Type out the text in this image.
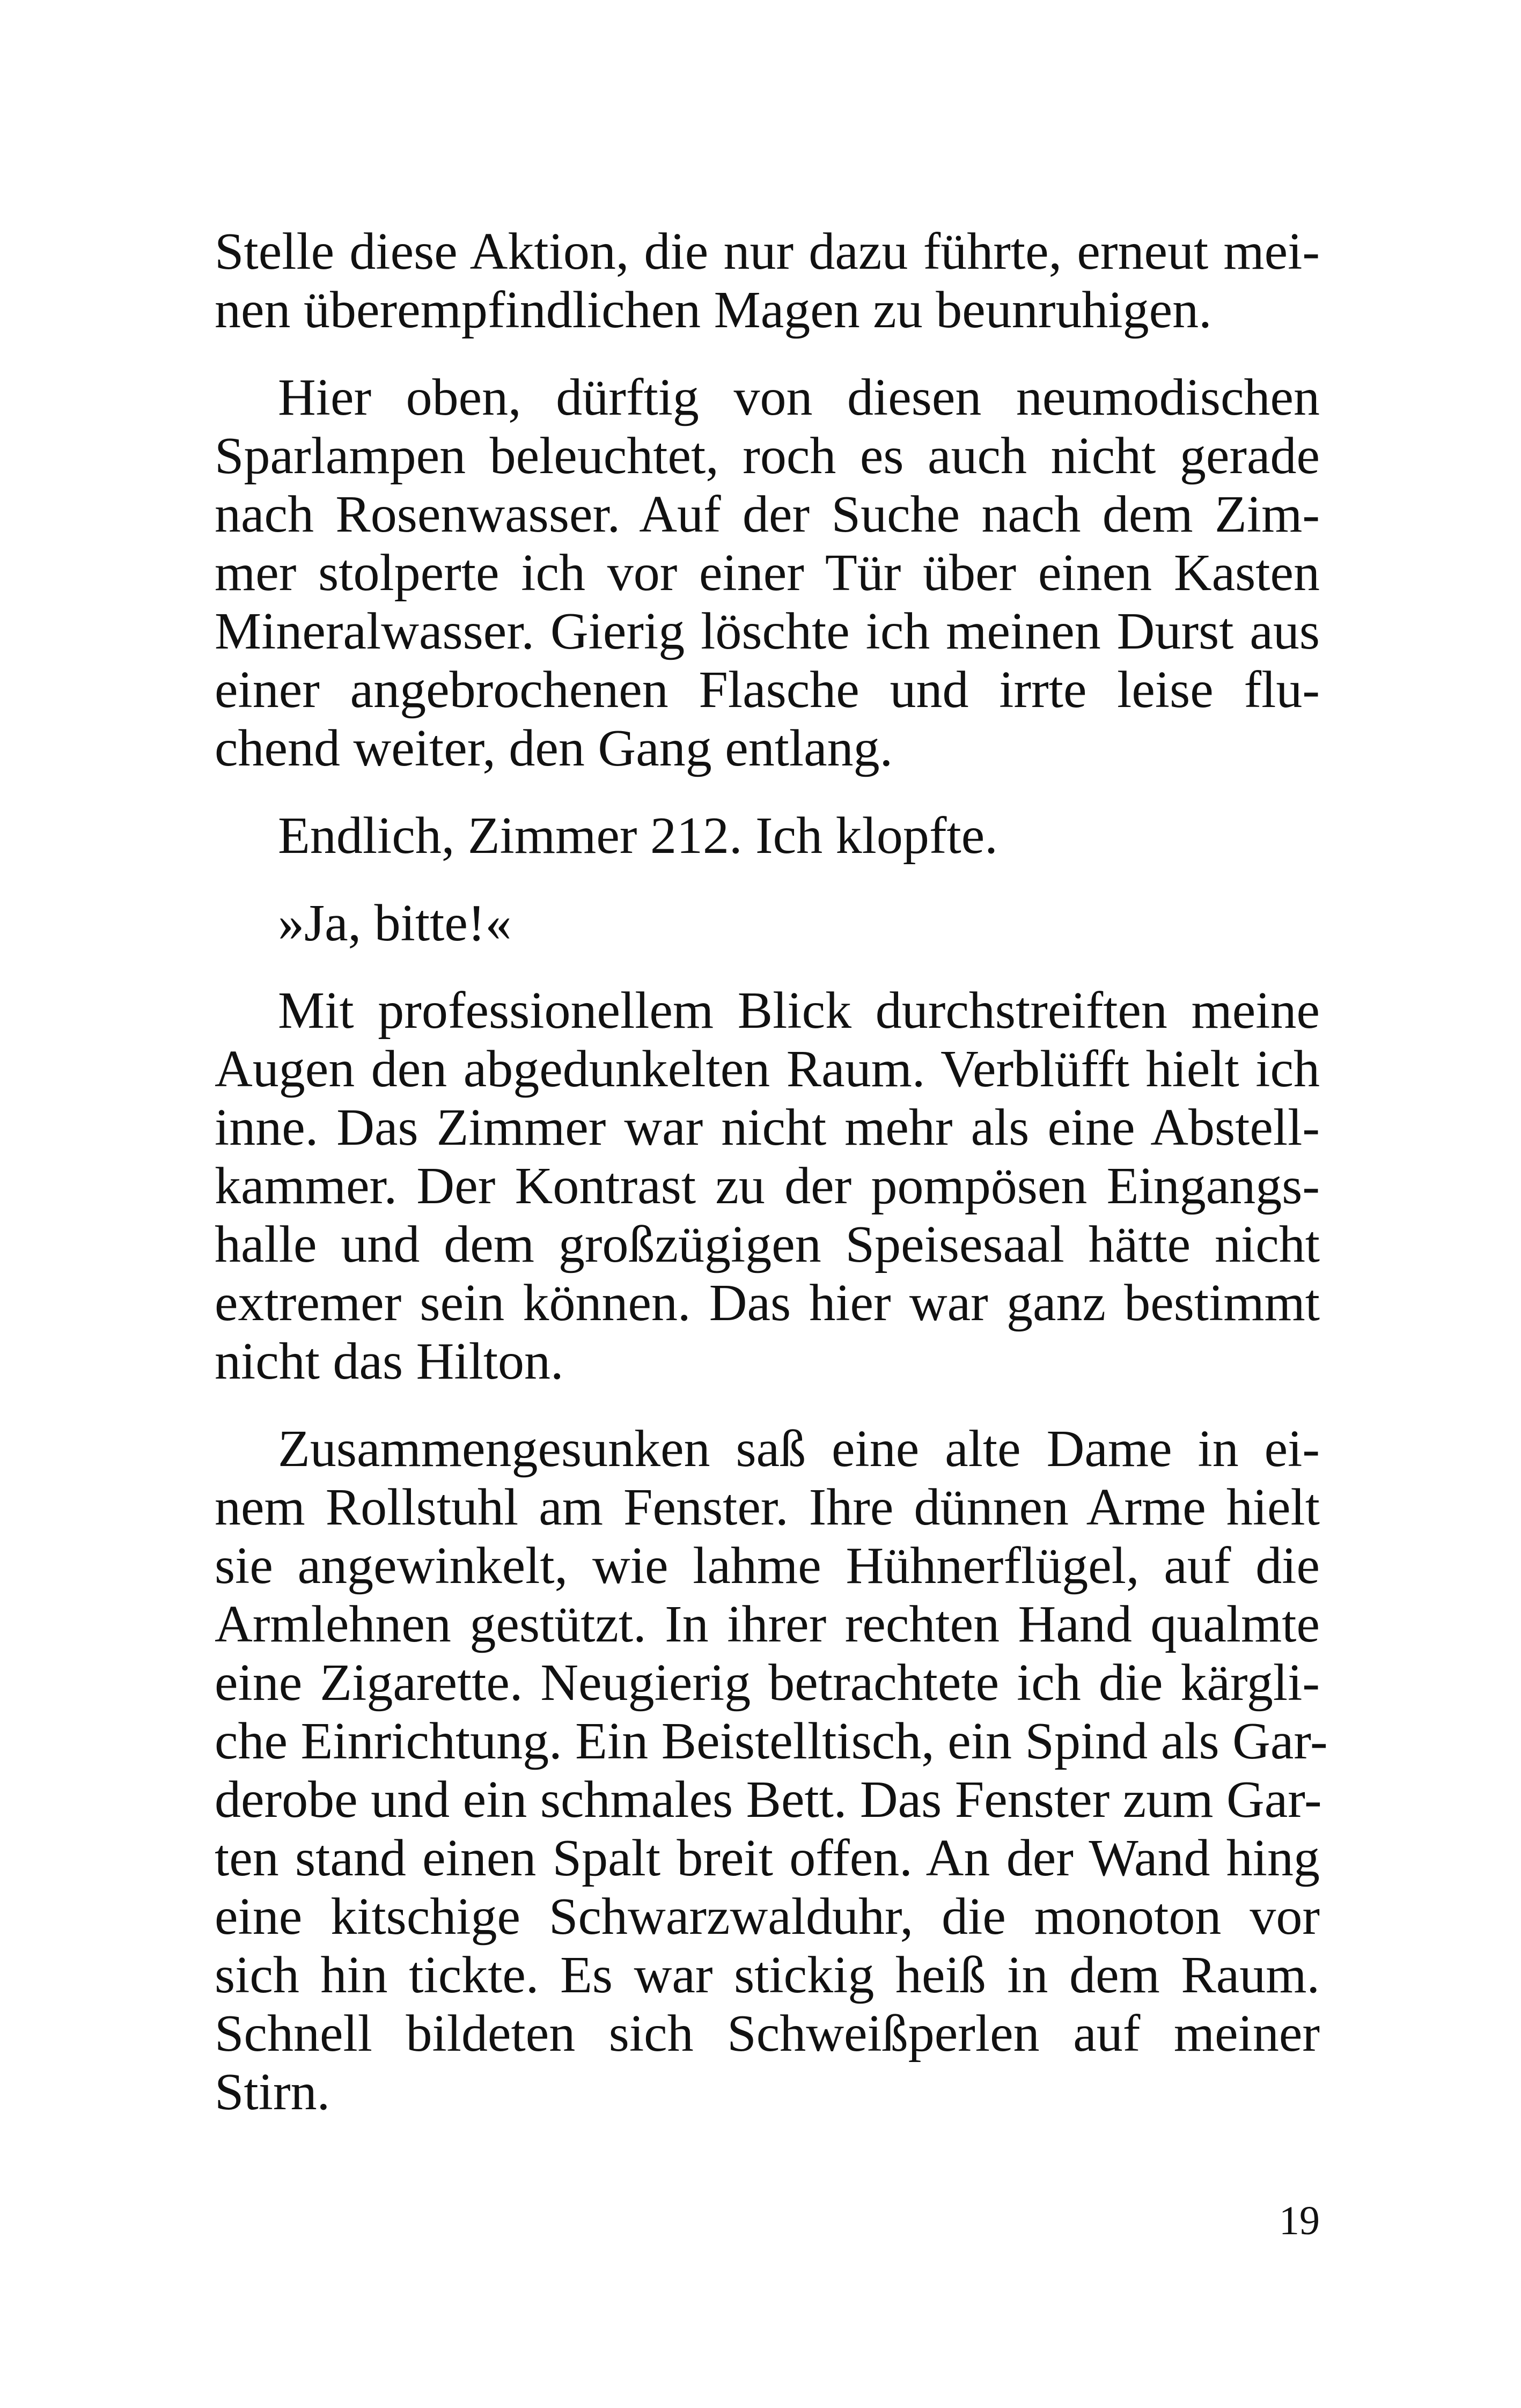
Stelle diese Aktion, die nur dazu führte, erneut mei-
nen überempfindlichen Magen zu beunruhigen.
Hier oben, dürftig von diesen neumodischen
Sparlampen beleuchtet, roch es auch nicht gerade
nach Rosenwasser. Auf der Suche nach dem Zim-
mer stolperte ich vor einer Tür über einen Kasten
Mineralwasser. Gierig löschte ich meinen Durst aus
einer angebrochenen Flasche und irrte leise flu-
chend weiter, den Gang entlang.
Endlich, Zimmer 212. Ich klopfte.
»Ja, bitte!«
Mit professionellem Blick durchstreiften meine
Augen den abgedunkelten Raum. Verblüfft hielt ich
inne. Das Zimmer war nicht mehr als eine Abstell-
kammer. Der Kontrast zu der pompösen Eingangs-
halle und dem großzügigen Speisesaal hätte nicht
extremer sein können. Das hier war ganz bestimmt
nicht das Hilton.
Zusammengesunken saß eine alte Dame in ei-
nem Rollstuhl am Fenster. Ihre dünnen Arme hielt
sie angewinkelt, wie lahme Hühnerflügel, auf die
Armlehnen gestützt. In ihrer rechten Hand qualmte
eine Zigarette. Neugierig betrachtete ich die kärgli-
che Einrichtung. Ein Beistelltisch, ein Spind als Gar-
derobe und ein schmales Bett. Das Fenster zum Gar-
ten stand einen Spalt breit offen. An der Wand hing
eine kitschige Schwarzwalduhr, die monoton vor
sich hin tickte. Es war stickig heiß in dem Raum.
Schnell bildeten sich Schweißperlen auf meiner
Stirn.
19
